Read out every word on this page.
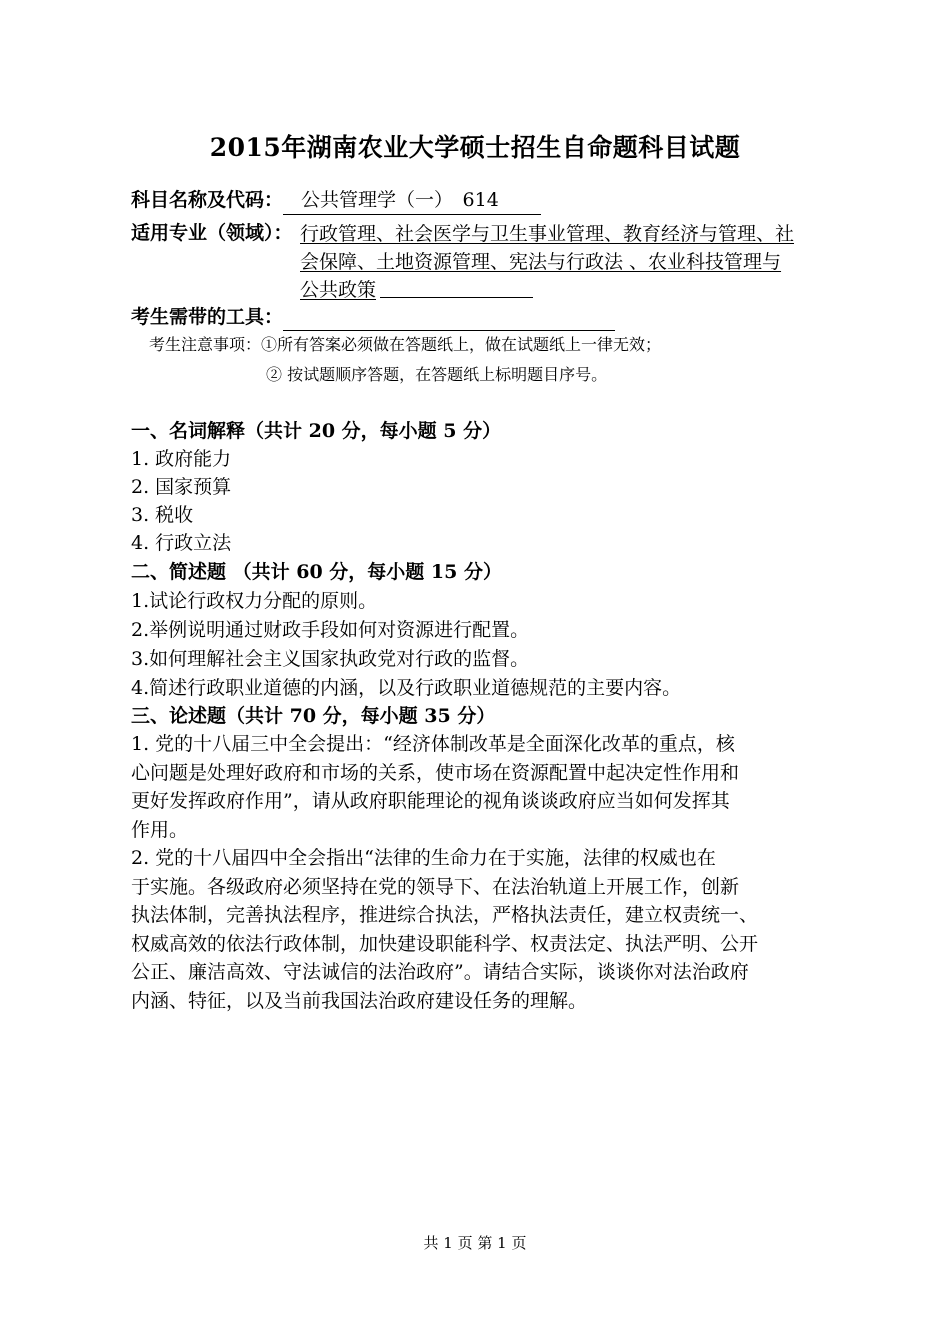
2015年湖南农业大学硕士招生自命题科目试题
科目名称及代码： 公共管理学（一）　614
适用专业（领域）： 行政管理、社会医学与卫生事业管理、教育经济与管理、社
会保障、土地资源管理、宪法与行政法 、农业科技管理与
公共政策
考生需带的工具：
考生注意事项：①所有答案必须做在答题纸上，做在试题纸上一律无效；
② 按试题顺序答题，在答题纸上标明题目序号。
一、名词解释（共计 20 分，每小题 5 分）
1. 政府能力
2. 国家预算
3. 税收
4. 行政立法
二、简述题 （共计 60 分，每小题 15 分）
1.试论行政权力分配的原则。
2.举例说明通过财政手段如何对资源进行配置。
3.如何理解社会主义国家执政党对行政的监督。
4.简述行政职业道德的内涵，以及行政职业道德规范的主要内容。
三、论述题（共计 70 分，每小题 35 分）
1. 党的十八届三中全会提出：“经济体制改革是全面深化改革的重点，核
心问题是处理好政府和市场的关系，使市场在资源配置中起决定性作用和
更好发挥政府作用”，请从政府职能理论的视角谈谈政府应当如何发挥其
作用。
2. 党的十八届四中全会指出“法律的生命力在于实施，法律的权威也在
于实施。各级政府必须坚持在党的领导下、在法治轨道上开展工作，创新
执法体制，完善执法程序，推进综合执法，严格执法责任，建立权责统一、
权威高效的依法行政体制，加快建设职能科学、权责法定、执法严明、公开
公正、廉洁高效、守法诚信的法治政府”。请结合实际，谈谈你对法治政府
内涵、特征，以及当前我国法治政府建设任务的理解。
共 1 页 第 1 页
